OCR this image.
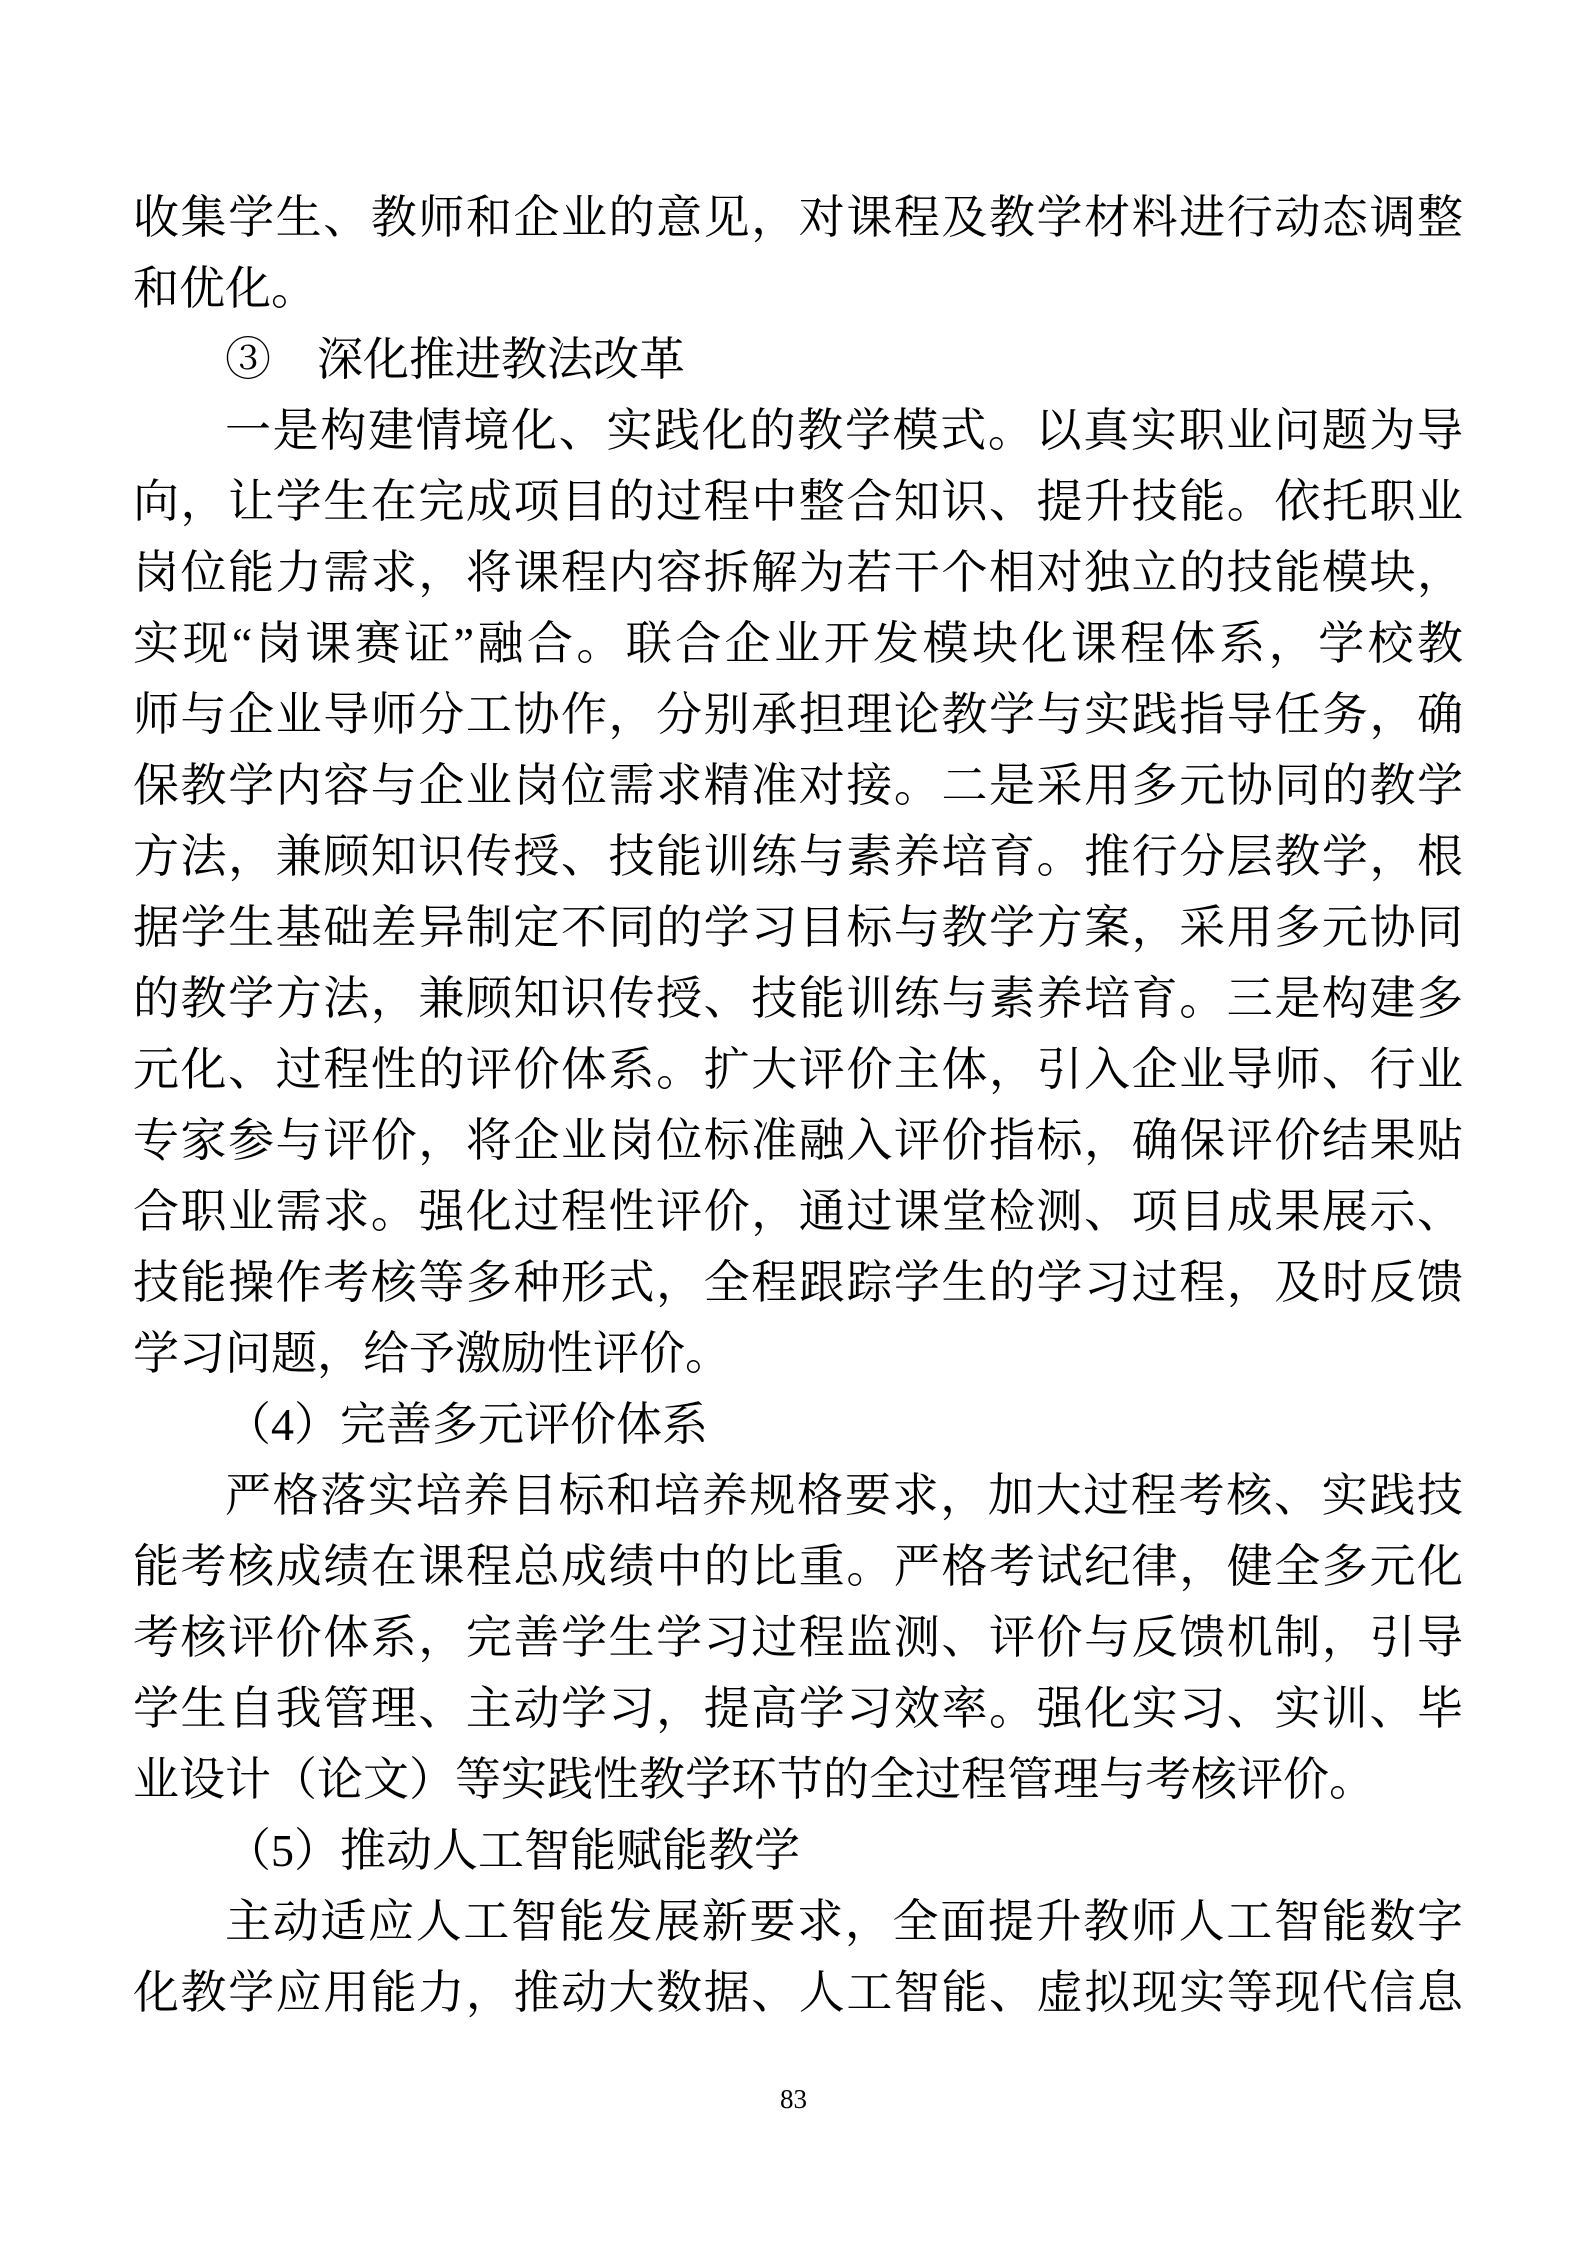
收集学生、教师和企业的意见，对课程及教学材料进行动态调整
和优化。
③　深化推进教法改革
一是构建情境化、实践化的教学模式。以真实职业问题为导
向，让学生在完成项目的过程中整合知识、提升技能。依托职业
岗位能力需求，将课程内容拆解为若干个相对独立的技能模块，
实现“岗课赛证”融合。联合企业开发模块化课程体系，学校教
师与企业导师分工协作，分别承担理论教学与实践指导任务，确
保教学内容与企业岗位需求精准对接。二是采用多元协同的教学
方法，兼顾知识传授、技能训练与素养培育。推行分层教学，根
据学生基础差异制定不同的学习目标与教学方案，采用多元协同
的教学方法，兼顾知识传授、技能训练与素养培育。三是构建多
元化、过程性的评价体系。扩大评价主体，引入企业导师、行业
专家参与评价，将企业岗位标准融入评价指标，确保评价结果贴
合职业需求。强化过程性评价，通过课堂检测、项目成果展示、
技能操作考核等多种形式，全程跟踪学生的学习过程，及时反馈
学习问题，给予激励性评价。
（4）完善多元评价体系
严格落实培养目标和培养规格要求，加大过程考核、实践技
能考核成绩在课程总成绩中的比重。严格考试纪律，健全多元化
考核评价体系，完善学生学习过程监测、评价与反馈机制，引导
学生自我管理、主动学习，提高学习效率。强化实习、实训、毕
业设计（论文）等实践性教学环节的全过程管理与考核评价。
（5）推动人工智能赋能教学
主动适应人工智能发展新要求，全面提升教师人工智能数字
化教学应用能力，推动大数据、人工智能、虚拟现实等现代信息
83
